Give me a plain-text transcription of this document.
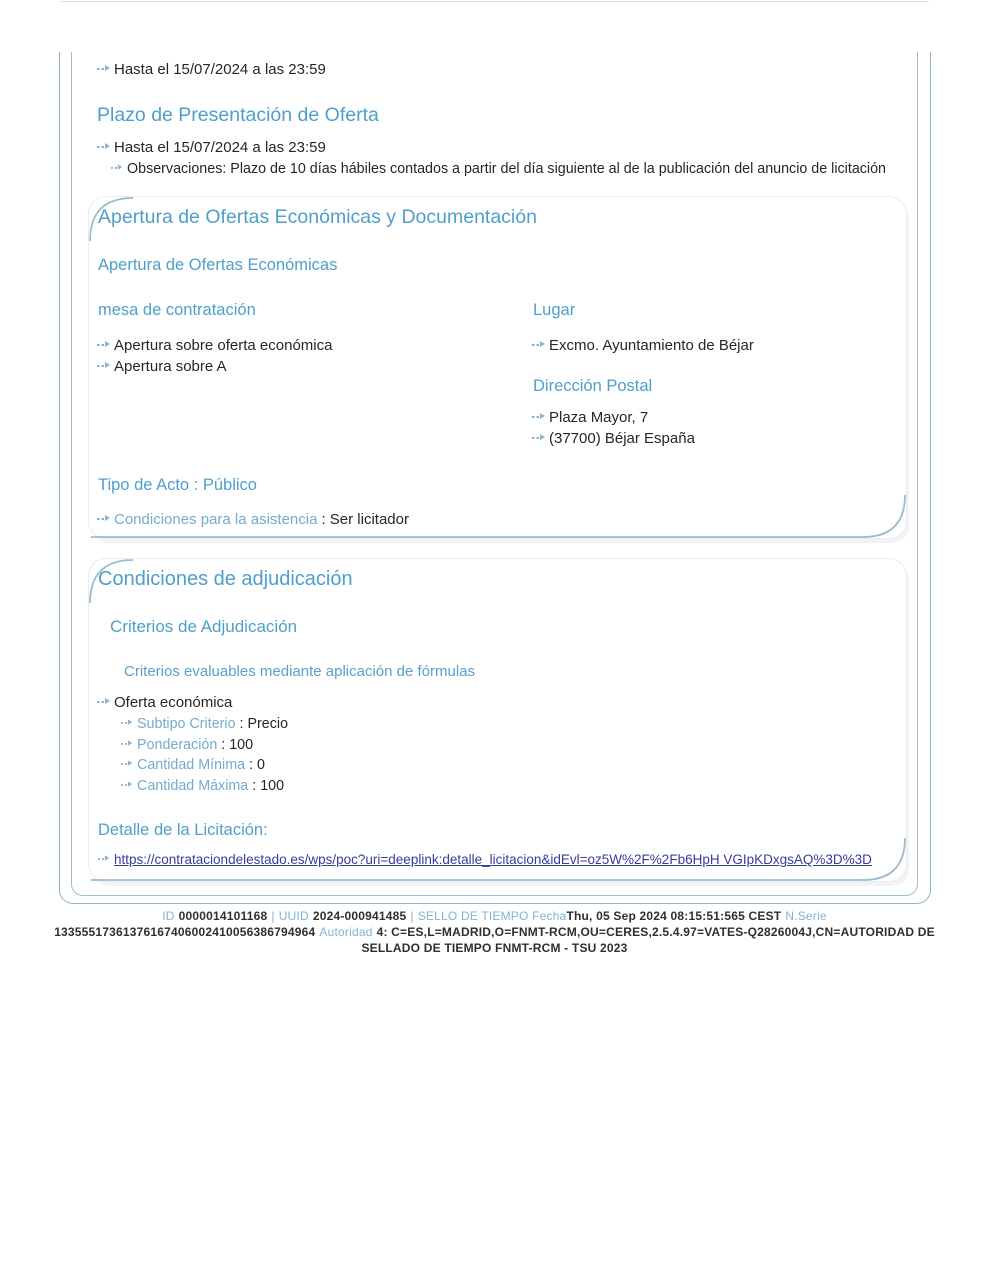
Hasta el 15/07/2024 a las 23:59
Plazo de Presentación de Oferta
Hasta el 15/07/2024 a las 23:59
Observaciones: Plazo de 10 días hábiles contados a partir del día siguiente al de la publicación del anuncio de licitación
Apertura de Ofertas Económicas y Documentación
Apertura de Ofertas Económicas
mesa de contratación	Lugar
Apertura sobre oferta económica
Apertura sobre A
Excmo. Ayuntamiento de Béjar
Dirección Postal
Plaza Mayor, 7
(37700) Béjar España
Tipo de Acto : Público
Condiciones para la asistencia : Ser licitador
Condiciones de adjudicación
Criterios de Adjudicación
Criterios evaluables mediante aplicación de fórmulas
Oferta económica
Subtipo Criterio : Precio
Ponderación : 100
Cantidad Mínima : 0
Cantidad Máxima : 100
Detalle de la Licitación:
https://contrataciondelestado.es/wps/poc?uri=deeplink:detalle_licitacion&idEvl=oz5W%2F%2Fb6HpH VGIpKDxgsAQ%3D%3D
ID 0000014101168 | UUID 2024-000941485 | SELLO DE TIEMPO FechaThu, 05 Sep 2024 08:15:51:565 CEST N.Serie
13355517361376167406002410056386794964 Autoridad 4: C=ES,L=MADRID,O=FNMT-RCM,OU=CERES,2.5.4.97=VATES-Q2826004J,CN=AUTORIDAD DE
SELLADO DE TIEMPO FNMT-RCM - TSU 2023
